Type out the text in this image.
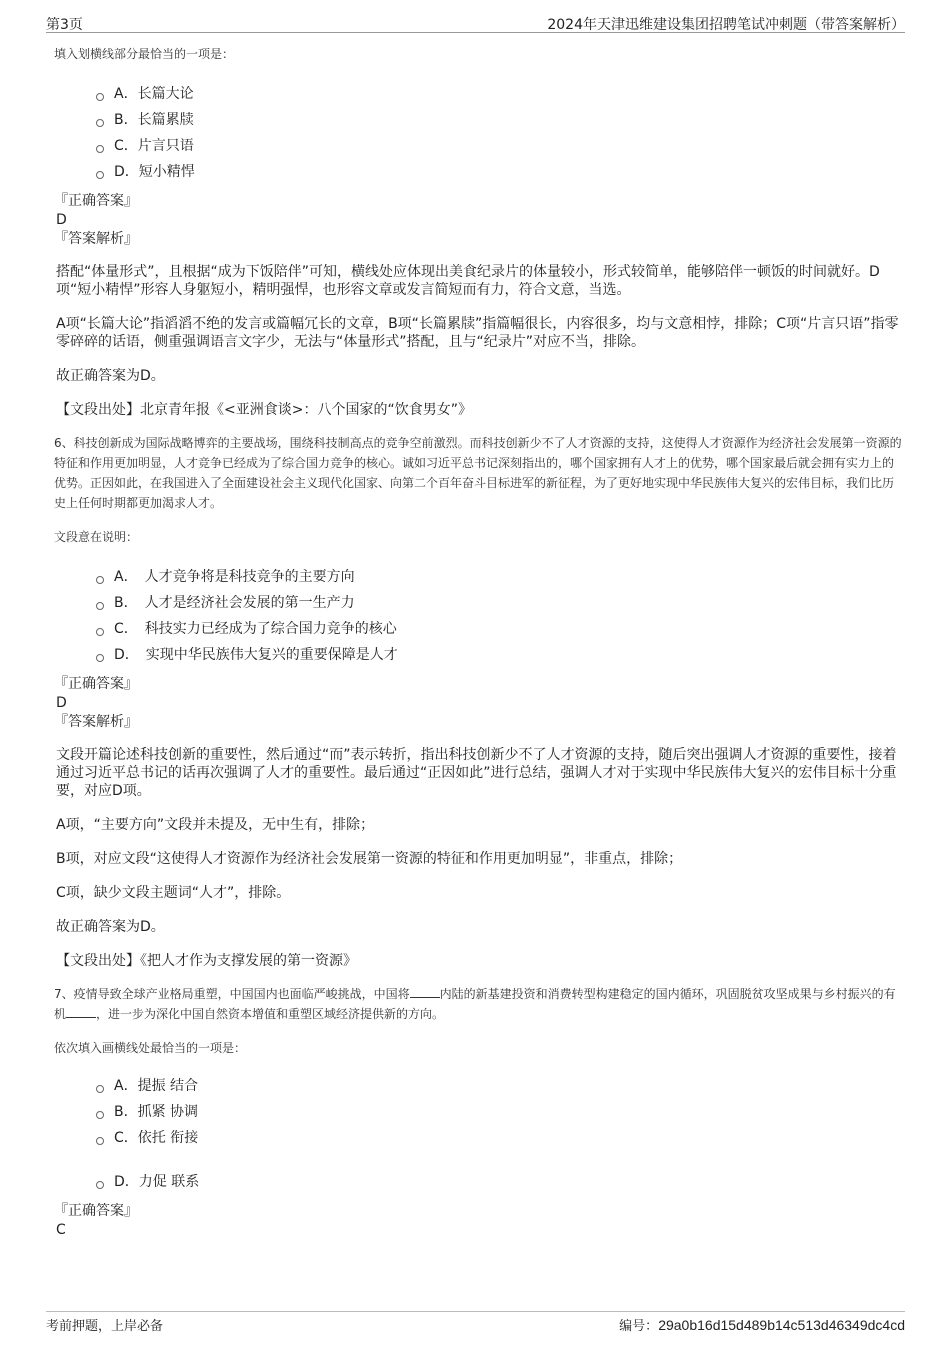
第3页	2024年天津迅维建设集团招聘笔试冲刺题（带答案解析）

填入划横线部分最恰当的一项是：

A．长篇大论
B．长篇累牍
C．片言只语
D．短小精悍

『正确答案』

D

『答案解析』

搭配“体量形式”，且根据“成为下饭陪伴”可知，横线处应体现出美食纪录片的体量较小，形式较简单，能够陪伴一顿饭的时间就好。D项“短小精悍”形容人身躯短小，精明强悍，也形容文章或发言简短而有力，符合文意，当选。

A项“长篇大论”指滔滔不绝的发言或篇幅冗长的文章，B项“长篇累牍”指篇幅很长，内容很多，均与文意相悖，排除；C项“片言只语”指零零碎碎的话语，侧重强调语言文字少，无法与“体量形式”搭配，且与“纪录片”对应不当，排除。

故正确答案为D。

【文段出处】北京青年报《<亚洲食谈>：八个国家的“饮食男女”》

6、科技创新成为国际战略博弈的主要战场，围绕科技制高点的竞争空前激烈。而科技创新少不了人才资源的支持，这使得人才资源作为经济社会发展第一资源的特征和作用更加明显，人才竞争已经成为了综合国力竞争的核心。诚如习近平总书记深刻指出的，哪个国家拥有人才上的优势，哪个国家最后就会拥有实力上的优势。正因如此，在我国进入了全面建设社会主义现代化国家、向第二个百年奋斗目标进军的新征程，为了更好地实现中华民族伟大复兴的宏伟目标，我们比历史上任何时期都更加渴求人才。

文段意在说明：

A．　人才竞争将是科技竞争的主要方向
B．　人才是经济社会发展的第一生产力
C．　科技实力已经成为了综合国力竞争的核心
D．　实现中华民族伟大复兴的重要保障是人才

『正确答案』

D

『答案解析』

文段开篇论述科技创新的重要性，然后通过“而”表示转折，指出科技创新少不了人才资源的支持，随后突出强调人才资源的重要性，接着通过习近平总书记的话再次强调了人才的重要性。最后通过“正因如此”进行总结，强调人才对于实现中华民族伟大复兴的宏伟目标十分重要，对应D项。

A项，“主要方向”文段并未提及，无中生有，排除；

B项，对应文段“这使得人才资源作为经济社会发展第一资源的特征和作用更加明显”，非重点，排除；

C项，缺少文段主题词“人才”，排除。

故正确答案为D。

【文段出处】《把人才作为支撑发展的第一资源》

7、疫情导致全球产业格局重塑，中国国内也面临严峻挑战，中国将	内陆的新基建投资和消费转型构建稳定的国内循环，巩固脱贫攻坚成果与乡村振兴的有机	，进一步为深化中国自然资本增值和重塑区域经济提供新的方向。

依次填入画横线处最恰当的一项是：

A．提振 结合
B．抓紧 协调
C．依托 衔接
D．力促 联系

『正确答案』

C

考前押题，上岸必备	编号：29a0b16d15d489b14c513d46349dc4cd
